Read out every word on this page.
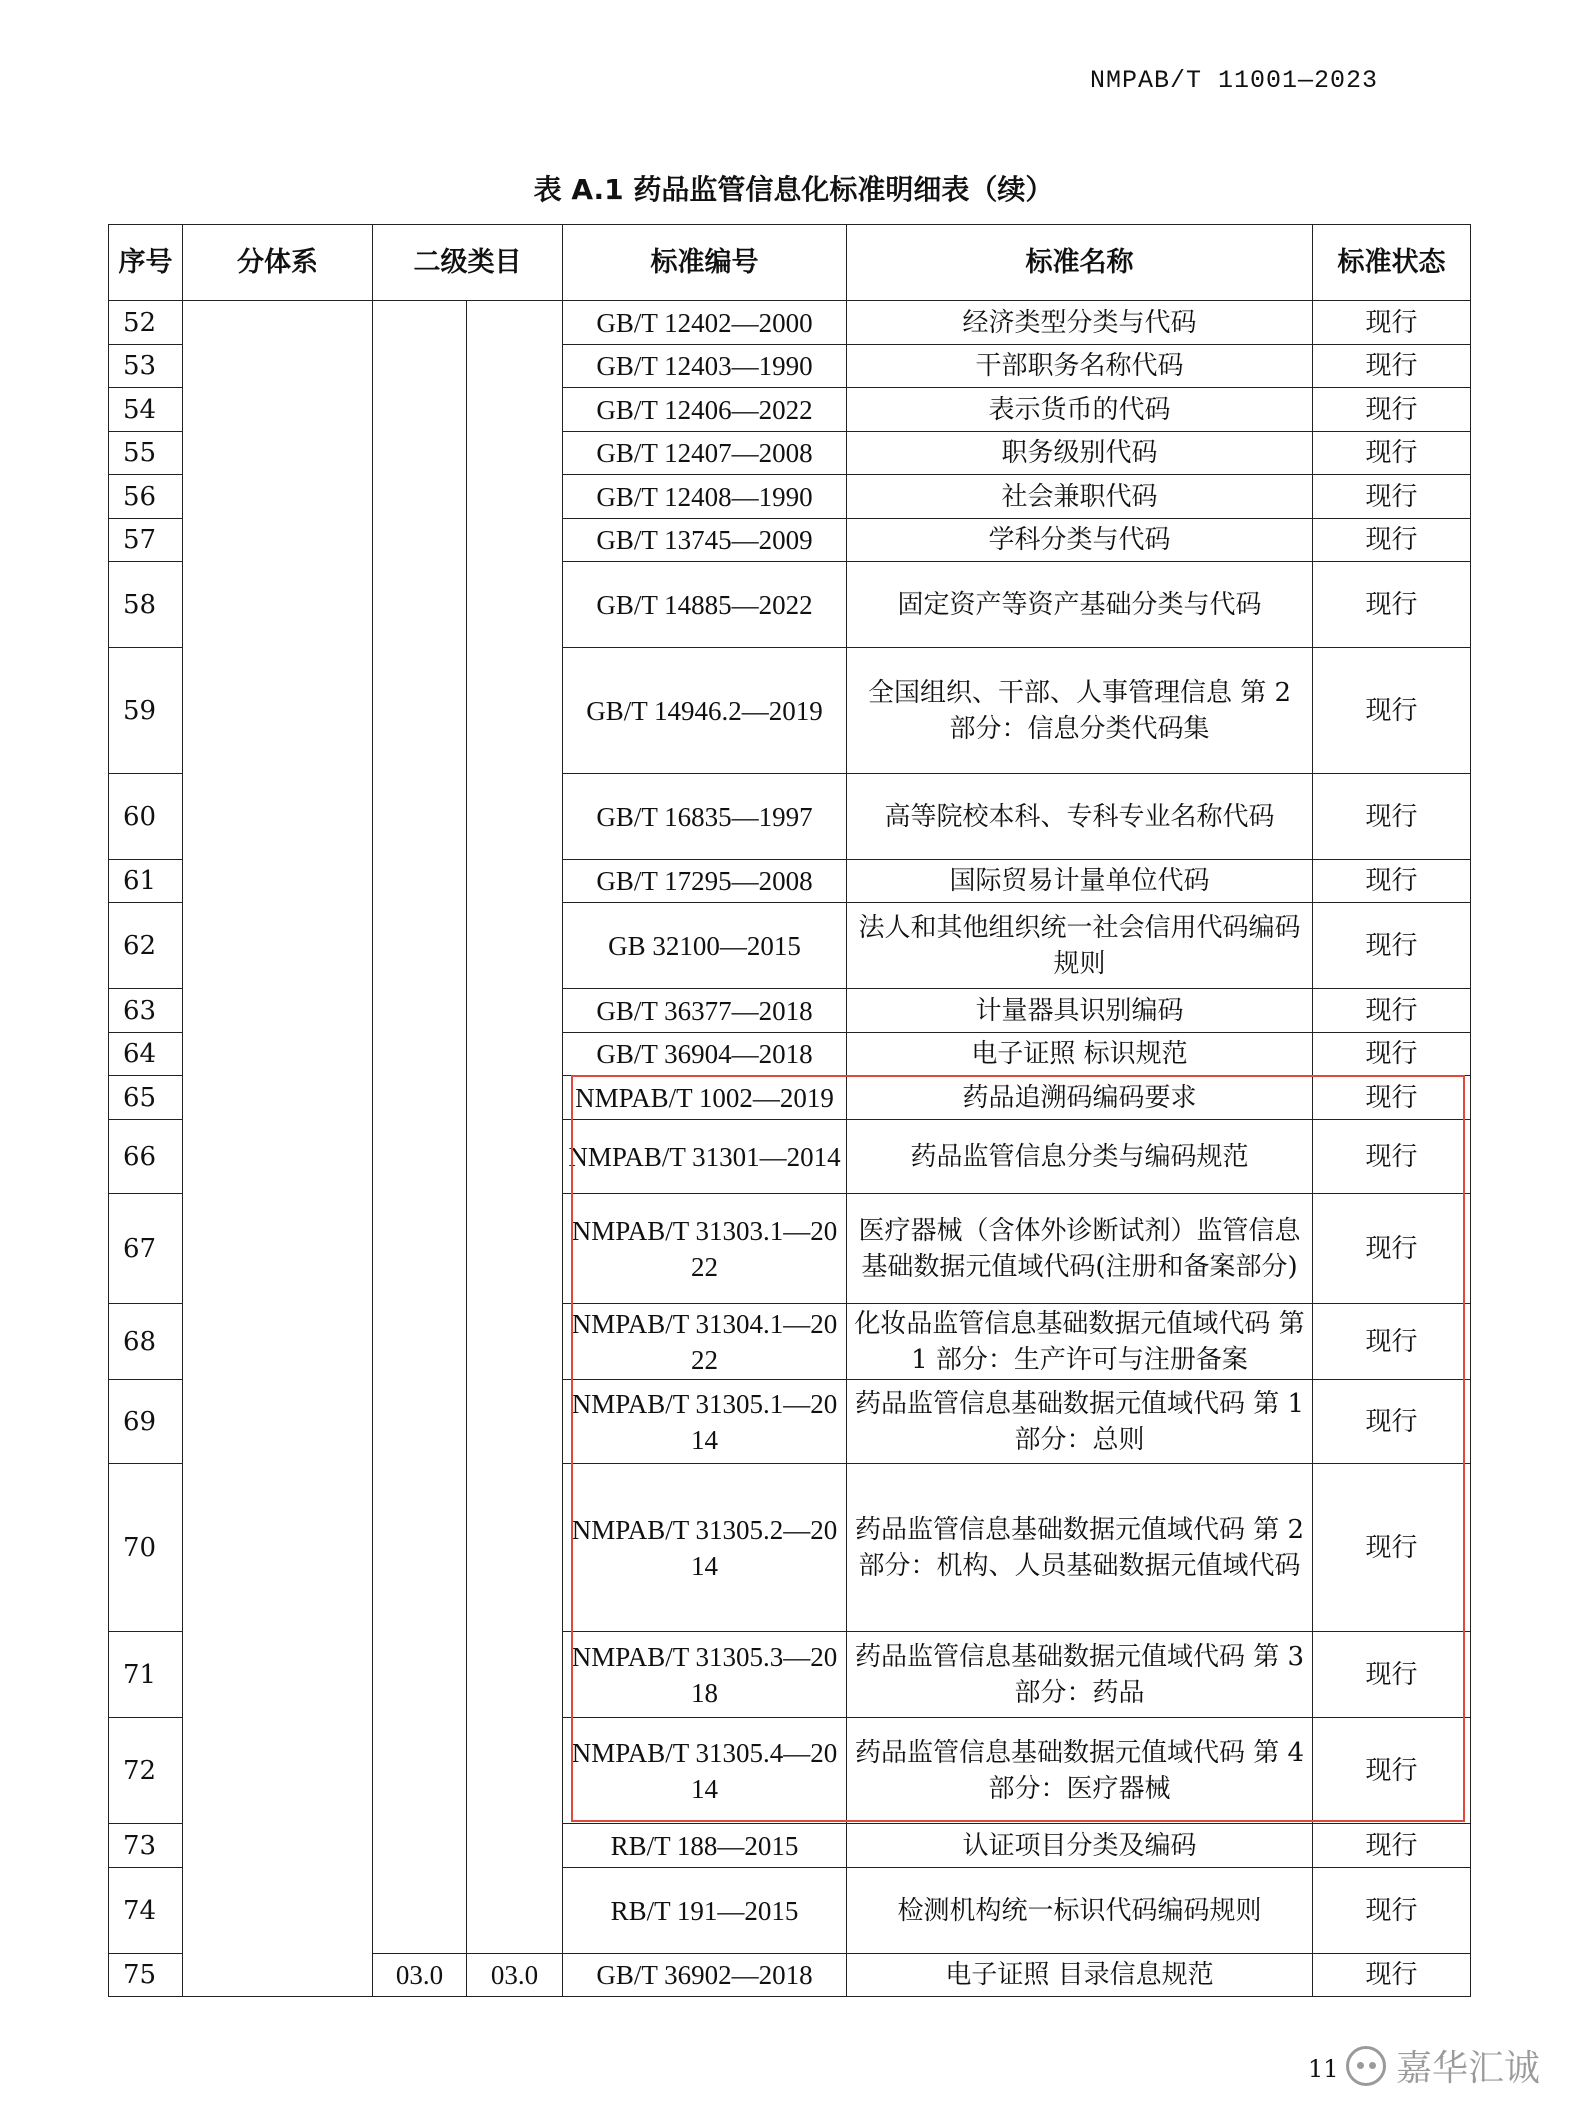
NMPAB/T 11001—2023
表 A.1 药品监管信息化标准明细表（续）
序号	分体系	二级类目		标准编号	标准名称	标准状态
52				GB/T 12402—2000	经济类型分类与代码	现行
53				GB/T 12403—1990	干部职务名称代码	现行
54				GB/T 12406—2022	表示货币的代码	现行
55				GB/T 12407—2008	职务级别代码	现行
56				GB/T 12408—1990	社会兼职代码	现行
57				GB/T 13745—2009	学科分类与代码	现行
58				GB/T 14885—2022	固定资产等资产基础分类与代码	现行
59				GB/T 14946.2—2019	全国组织、干部、人事管理信息 第 2 部分：信息分类代码集	现行
60				GB/T 16835—1997	高等院校本科、专科专业名称代码	现行
61				GB/T 17295—2008	国际贸易计量单位代码	现行
62				GB 32100—2015	法人和其他组织统一社会信用代码编码规则	现行
63				GB/T 36377—2018	计量器具识别编码	现行
64				GB/T 36904—2018	电子证照 标识规范	现行
65				NMPAB/T 1002—2019	药品追溯码编码要求	现行
66				NMPAB/T 31301—2014	药品监管信息分类与编码规范	现行
67				NMPAB/T 31303.1—2022	医疗器械（含体外诊断试剂）监管信息基础数据元值域代码(注册和备案部分)	现行
68				NMPAB/T 31304.1—2022	化妆品监管信息基础数据元值域代码 第 1 部分：生产许可与注册备案	现行
69				NMPAB/T 31305.1—2014	药品监管信息基础数据元值域代码 第 1 部分：总则	现行
70				NMPAB/T 31305.2—2014	药品监管信息基础数据元值域代码 第 2 部分：机构、人员基础数据元值域代码	现行
71				NMPAB/T 31305.3—2018	药品监管信息基础数据元值域代码 第 3 部分：药品	现行
72				NMPAB/T 31305.4—2014	药品监管信息基础数据元值域代码 第 4 部分：医疗器械	现行
73				RB/T 188—2015	认证项目分类及编码	现行
74				RB/T 191—2015	检测机构统一标识代码编码规则	现行
75		03.0	03.0	GB/T 36902—2018	电子证照 目录信息规范	现行
11 嘉华汇诚
